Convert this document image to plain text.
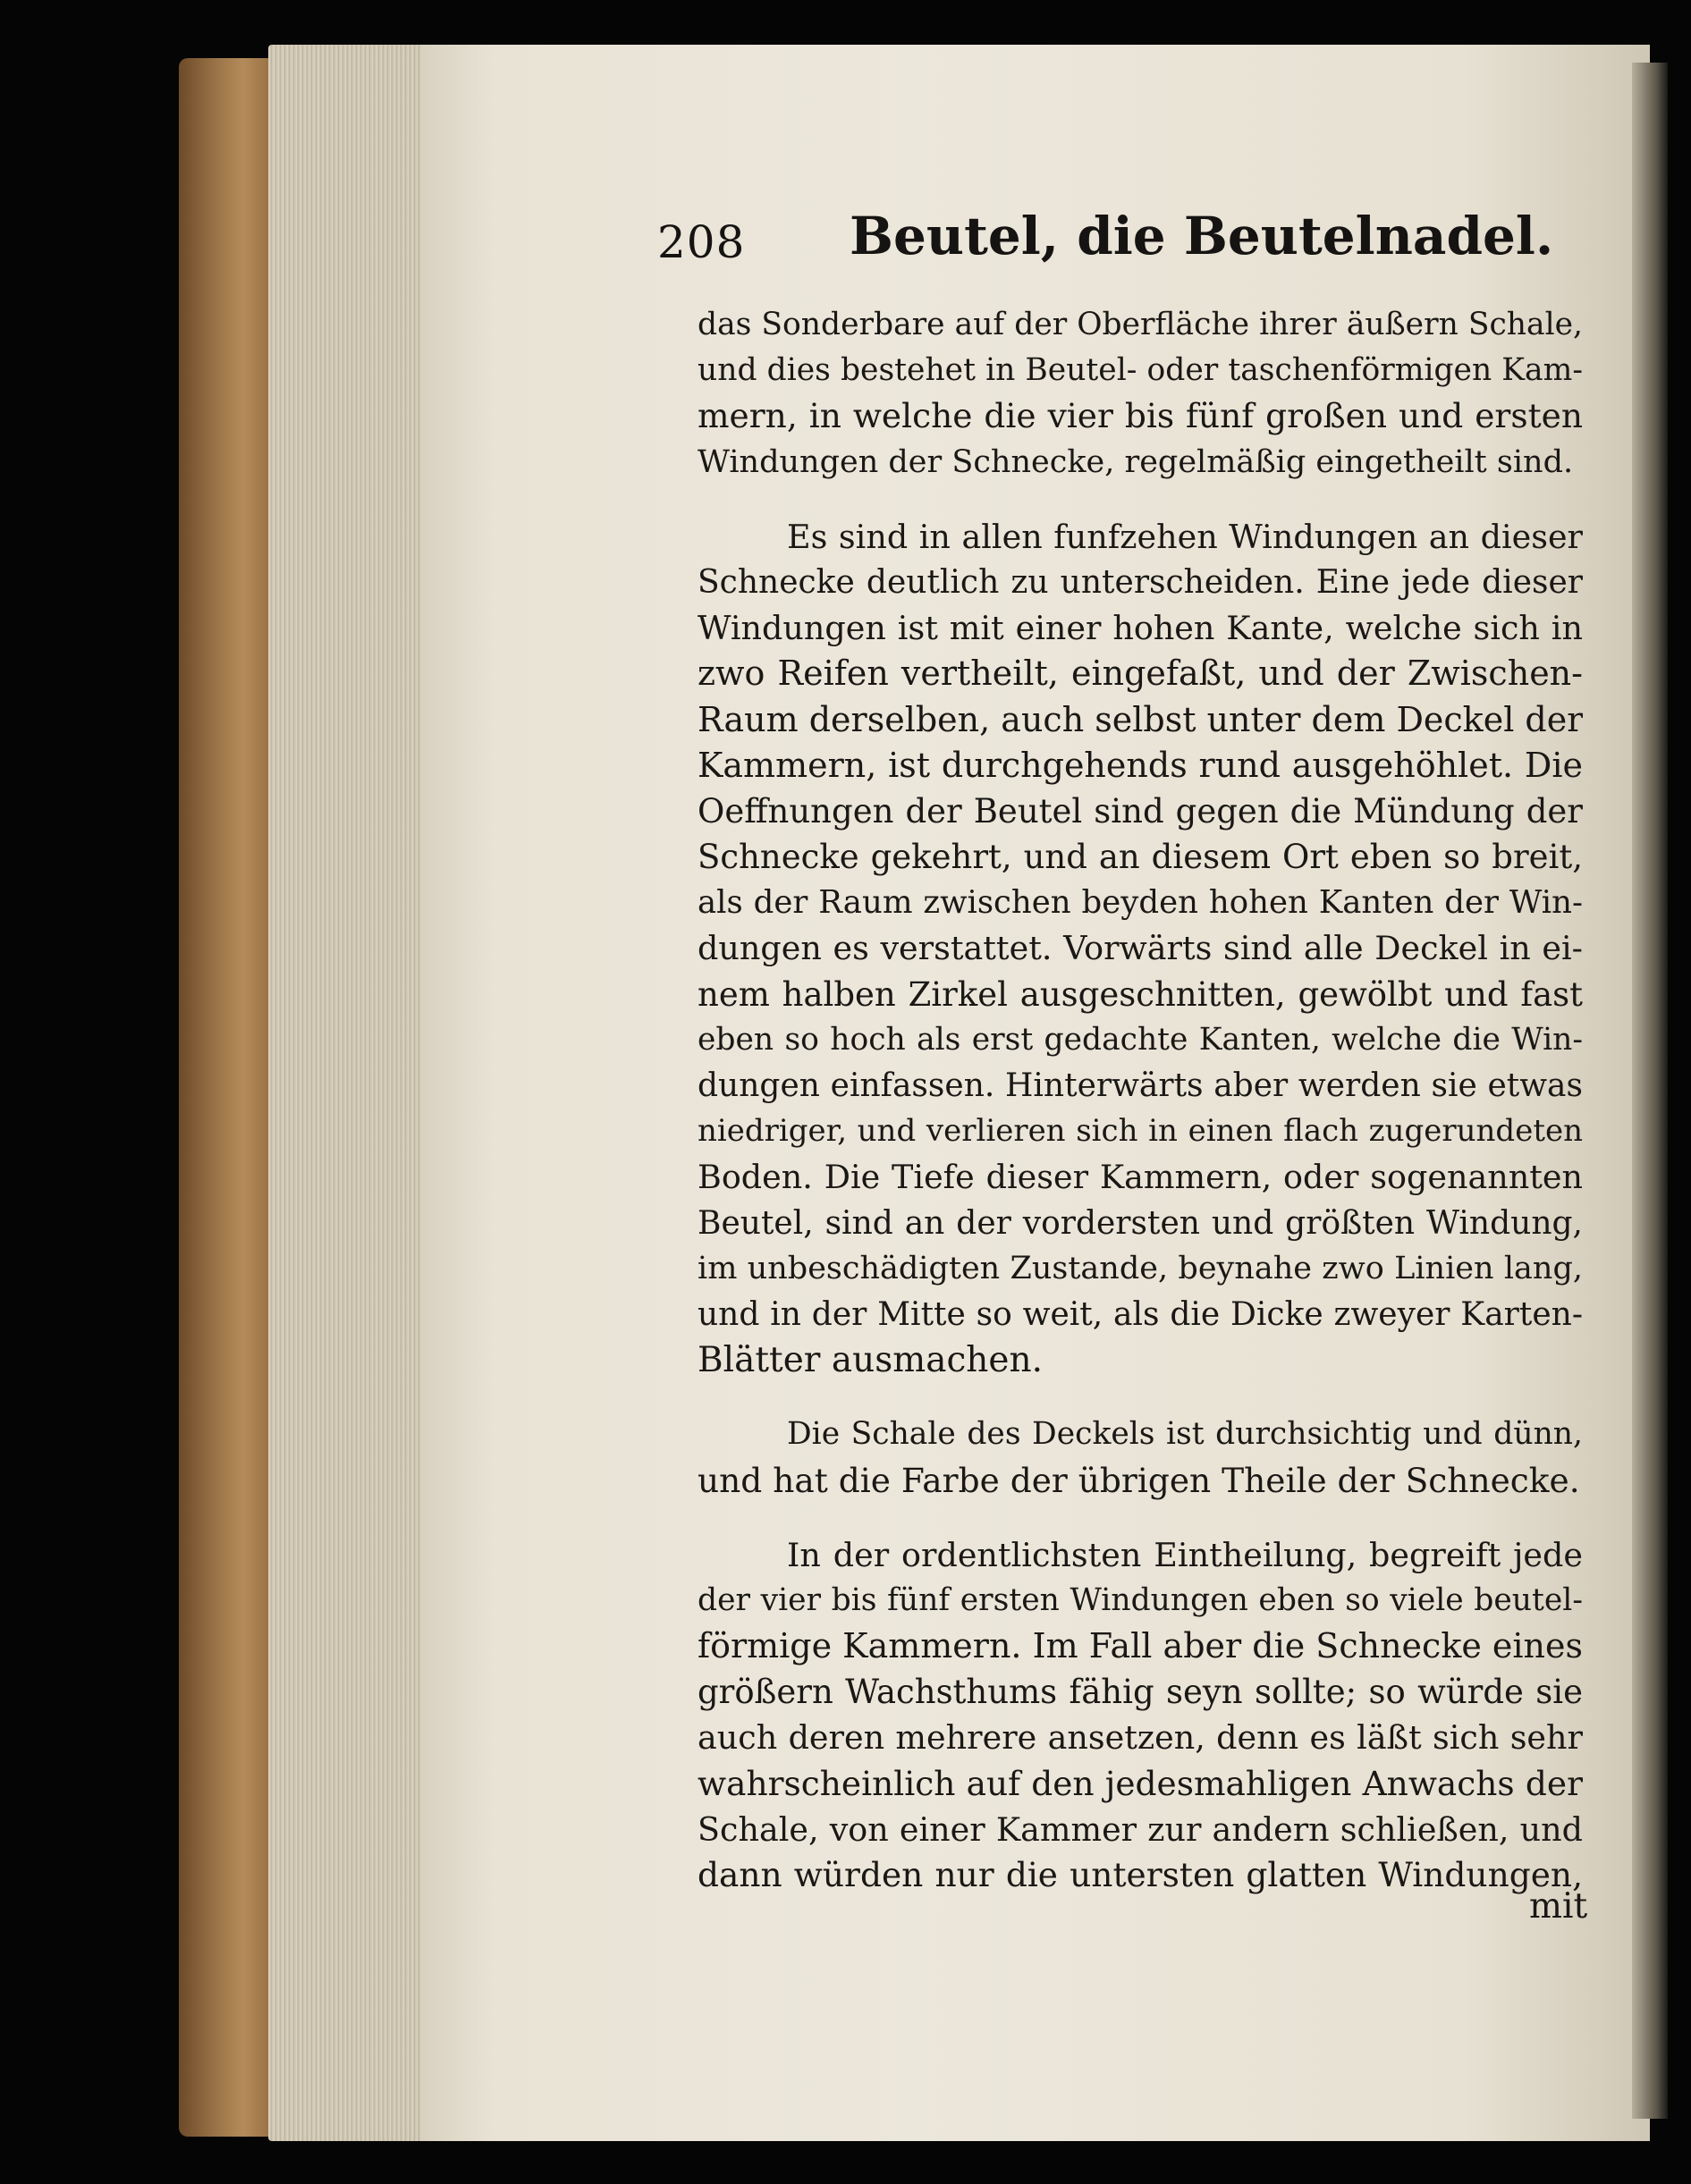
208 Beutel, die Beutelnadel.
das Sonderbare auf der Oberfläche ihrer äußern Schale,
und dies bestehet in Beutel- oder taschenförmigen Kam-
mern, in welche die vier bis fünf großen und ersten
Windungen der Schnecke, regelmäßig eingetheilt sind.
Es sind in allen funfzehen Windungen an dieser
Schnecke deutlich zu unterscheiden. Eine jede dieser
Windungen ist mit einer hohen Kante, welche sich in
zwo Reifen vertheilt, eingefaßt, und der Zwischen-
Raum derselben, auch selbst unter dem Deckel der
Kammern, ist durchgehends rund ausgehöhlet. Die
Oeffnungen der Beutel sind gegen die Mündung der
Schnecke gekehrt, und an diesem Ort eben so breit,
als der Raum zwischen beyden hohen Kanten der Win-
dungen es verstattet. Vorwärts sind alle Deckel in ei-
nem halben Zirkel ausgeschnitten, gewölbt und fast
eben so hoch als erst gedachte Kanten, welche die Win-
dungen einfassen. Hinterwärts aber werden sie etwas
niedriger, und verlieren sich in einen flach zugerundeten
Boden. Die Tiefe dieser Kammern, oder sogenannten
Beutel, sind an der vordersten und größten Windung,
im unbeschädigten Zustande, beynahe zwo Linien lang,
und in der Mitte so weit, als die Dicke zweyer Karten-
Blätter ausmachen.
Die Schale des Deckels ist durchsichtig und dünn,
und hat die Farbe der übrigen Theile der Schnecke.
In der ordentlichsten Eintheilung, begreift jede
der vier bis fünf ersten Windungen eben so viele beutel-
förmige Kammern. Im Fall aber die Schnecke eines
größern Wachsthums fähig seyn sollte; so würde sie
auch deren mehrere ansetzen, denn es läßt sich sehr
wahrscheinlich auf den jedesmahligen Anwachs der
Schale, von einer Kammer zur andern schließen, und
dann würden nur die untersten glatten Windungen,
mit
